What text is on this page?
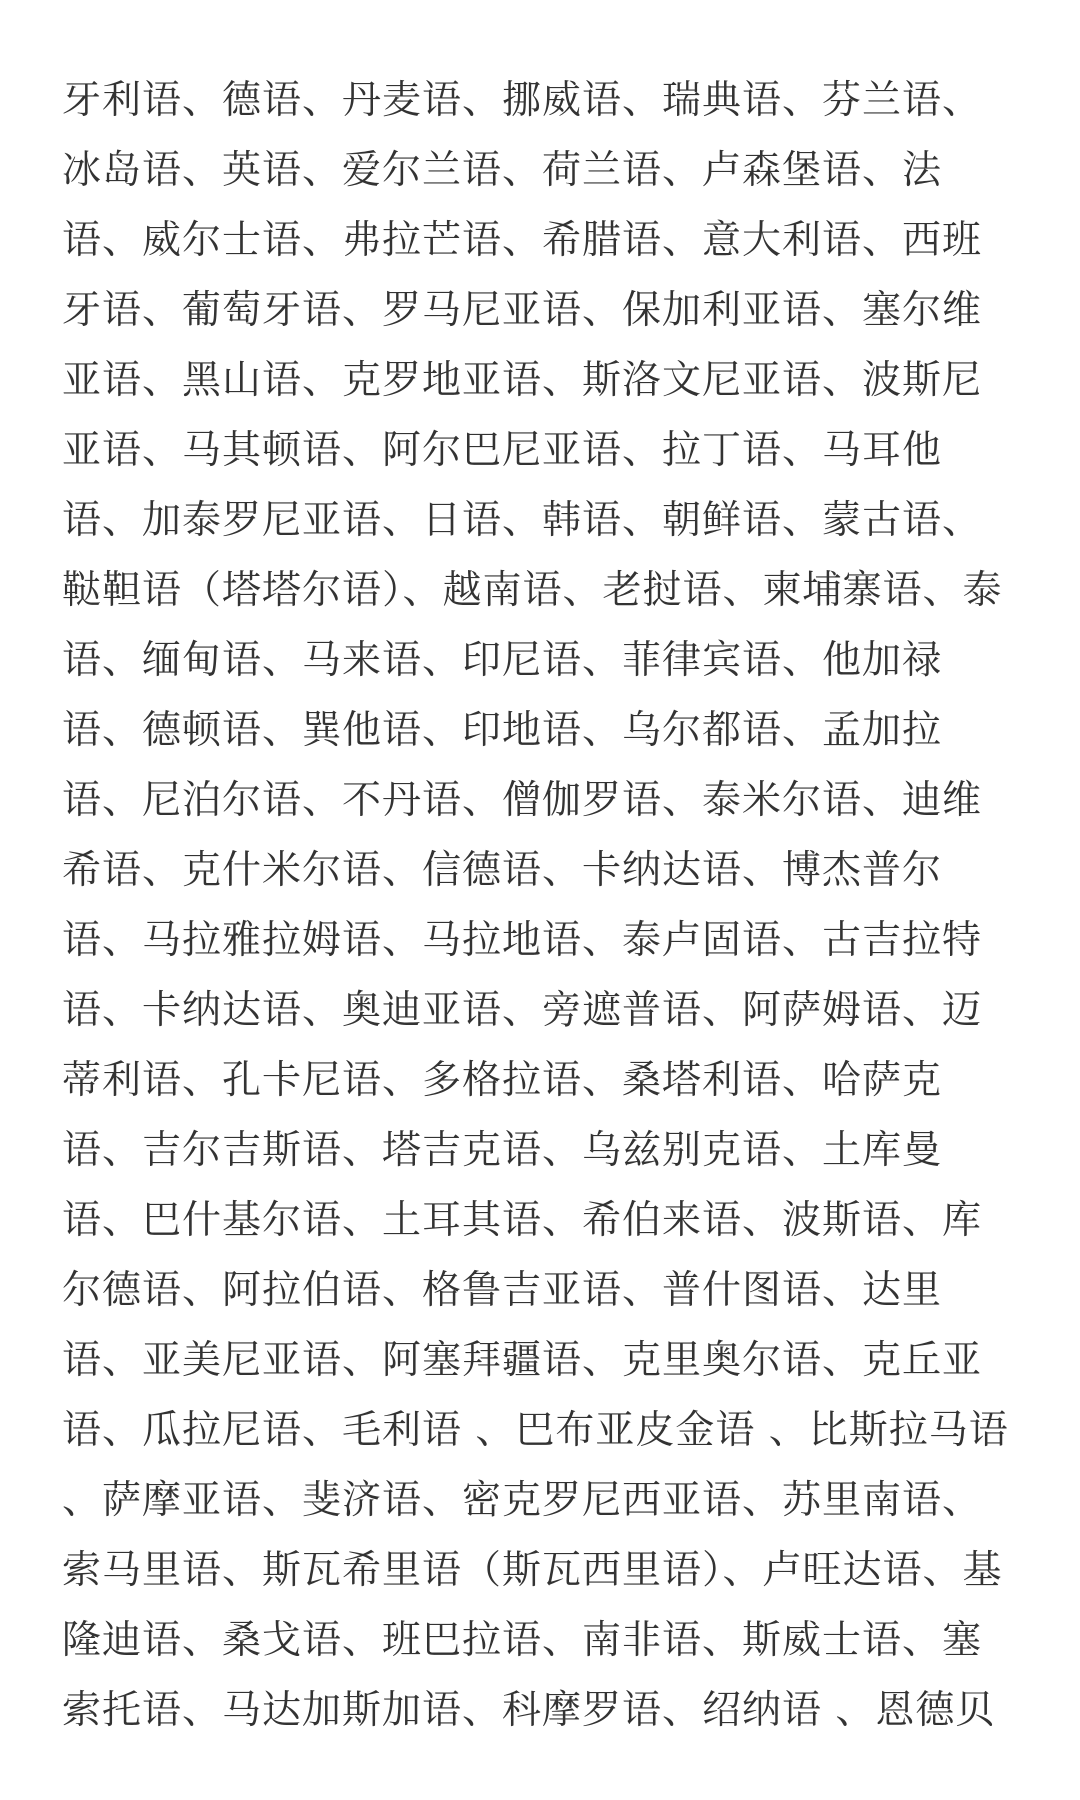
牙利语、德语、丹麦语、挪威语、瑞典语、芬兰语、
冰岛语、英语、爱尔兰语、荷兰语、卢森堡语、法
语、威尔士语、弗拉芒语、希腊语、意大利语、西班
牙语、葡萄牙语、罗马尼亚语、保加利亚语、塞尔维
亚语、黑山语、克罗地亚语、斯洛文尼亚语、波斯尼
亚语、马其顿语、阿尔巴尼亚语、拉丁语、马耳他
语、加泰罗尼亚语、日语、韩语、朝鲜语、蒙古语、
鞑靼语（塔塔尔语）、越南语、老挝语、柬埔寨语、泰
语、缅甸语、马来语、印尼语、菲律宾语、他加禄
语、德顿语、巽他语、印地语、乌尔都语、孟加拉
语、尼泊尔语、不丹语、僧伽罗语、泰米尔语、迪维
希语、克什米尔语、信德语、卡纳达语、博杰普尔
语、马拉雅拉姆语、马拉地语、泰卢固语、古吉拉特
语、卡纳达语、奥迪亚语、旁遮普语、阿萨姆语、迈
蒂利语、孔卡尼语、多格拉语、桑塔利语、哈萨克
语、吉尔吉斯语、塔吉克语、乌兹别克语、土库曼
语、巴什基尔语、土耳其语、希伯来语、波斯语、库
尔德语、阿拉伯语、格鲁吉亚语、普什图语、达里
语、亚美尼亚语、阿塞拜疆语、克里奥尔语、克丘亚
语、瓜拉尼语、毛利语 、巴布亚皮金语 、比斯拉马语
、萨摩亚语、斐济语、密克罗尼西亚语、苏里南语、
索马里语、斯瓦希里语（斯瓦西里语）、卢旺达语、基
隆迪语、桑戈语、班巴拉语、南非语、斯威士语、塞
索托语、马达加斯加语、科摩罗语、绍纳语 、恩德贝
